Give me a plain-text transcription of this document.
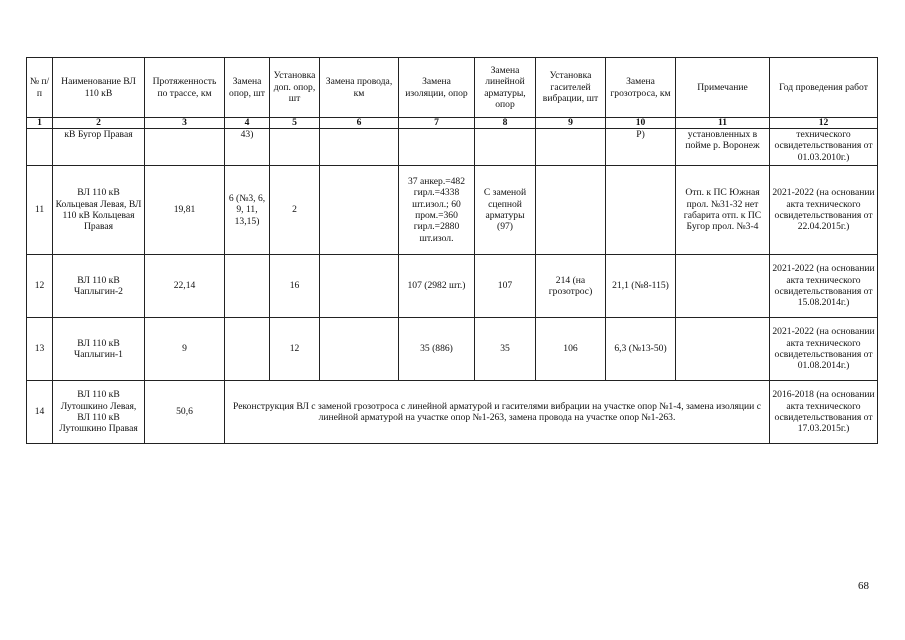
№ п/п	Наименование ВЛ 110 кВ	Протяженность по трассе, км	Замена опор, шт	Установка доп. опор, шт	Замена провода, км	Замена изоляции, опор	Замена линейной арматуры, опор	Установка гасителей вибрации, шт	Замена грозотроса, км	Примечание	Год проведения работ
1	2	3	4	5	6	7	8	9	10	11	12
	кВ Бугор Правая		43)						Р)	установленных в пойме р. Воронеж	технического освидетельствования от 01.03.2010г.)
11	ВЛ 110 кВ Кольцевая Левая, ВЛ 110 кВ Кольцевая Правая	19,81	6 (№3, 6, 9, 11, 13,15)	2		37 анкер.=482 гирл.=4338 шт.изол.; 60 пром.=360 гирл.=2880 шт.изол.	С заменой сцепной арматуры (97)			Отп. к ПС Южная прол. №31-32 нет габарита отп. к ПС Бугор прол. №3-4	2021-2022 (на основании акта технического освидетельствования от 22.04.2015г.)
12	ВЛ 110 кВ Чаплыгин-2	22,14		16		107 (2982 шт.)	107	214 (на грозотрос)	21,1 (№8-115)		2021-2022 (на основании акта технического освидетельствования от 15.08.2014г.)
13	ВЛ 110 кВ Чаплыгин-1	9		12		35 (886)	35	106	6,3 (№13-50)		2021-2022 (на основании акта технического освидетельствования от 01.08.2014г.)
14	ВЛ 110 кВ Лутошкино Левая, ВЛ 110 кВ Лутошкино Правая	50,6	Реконструкция ВЛ с заменой грозотроса с линейной арматурой и гасителями вибрации на участке опор №1-4, замена изоляции с линейной арматурой на участке опор №1-263, замена провода на участке опор №1-263.								2016-2018 (на основании акта технического освидетельствования от 17.03.2015г.)
68
